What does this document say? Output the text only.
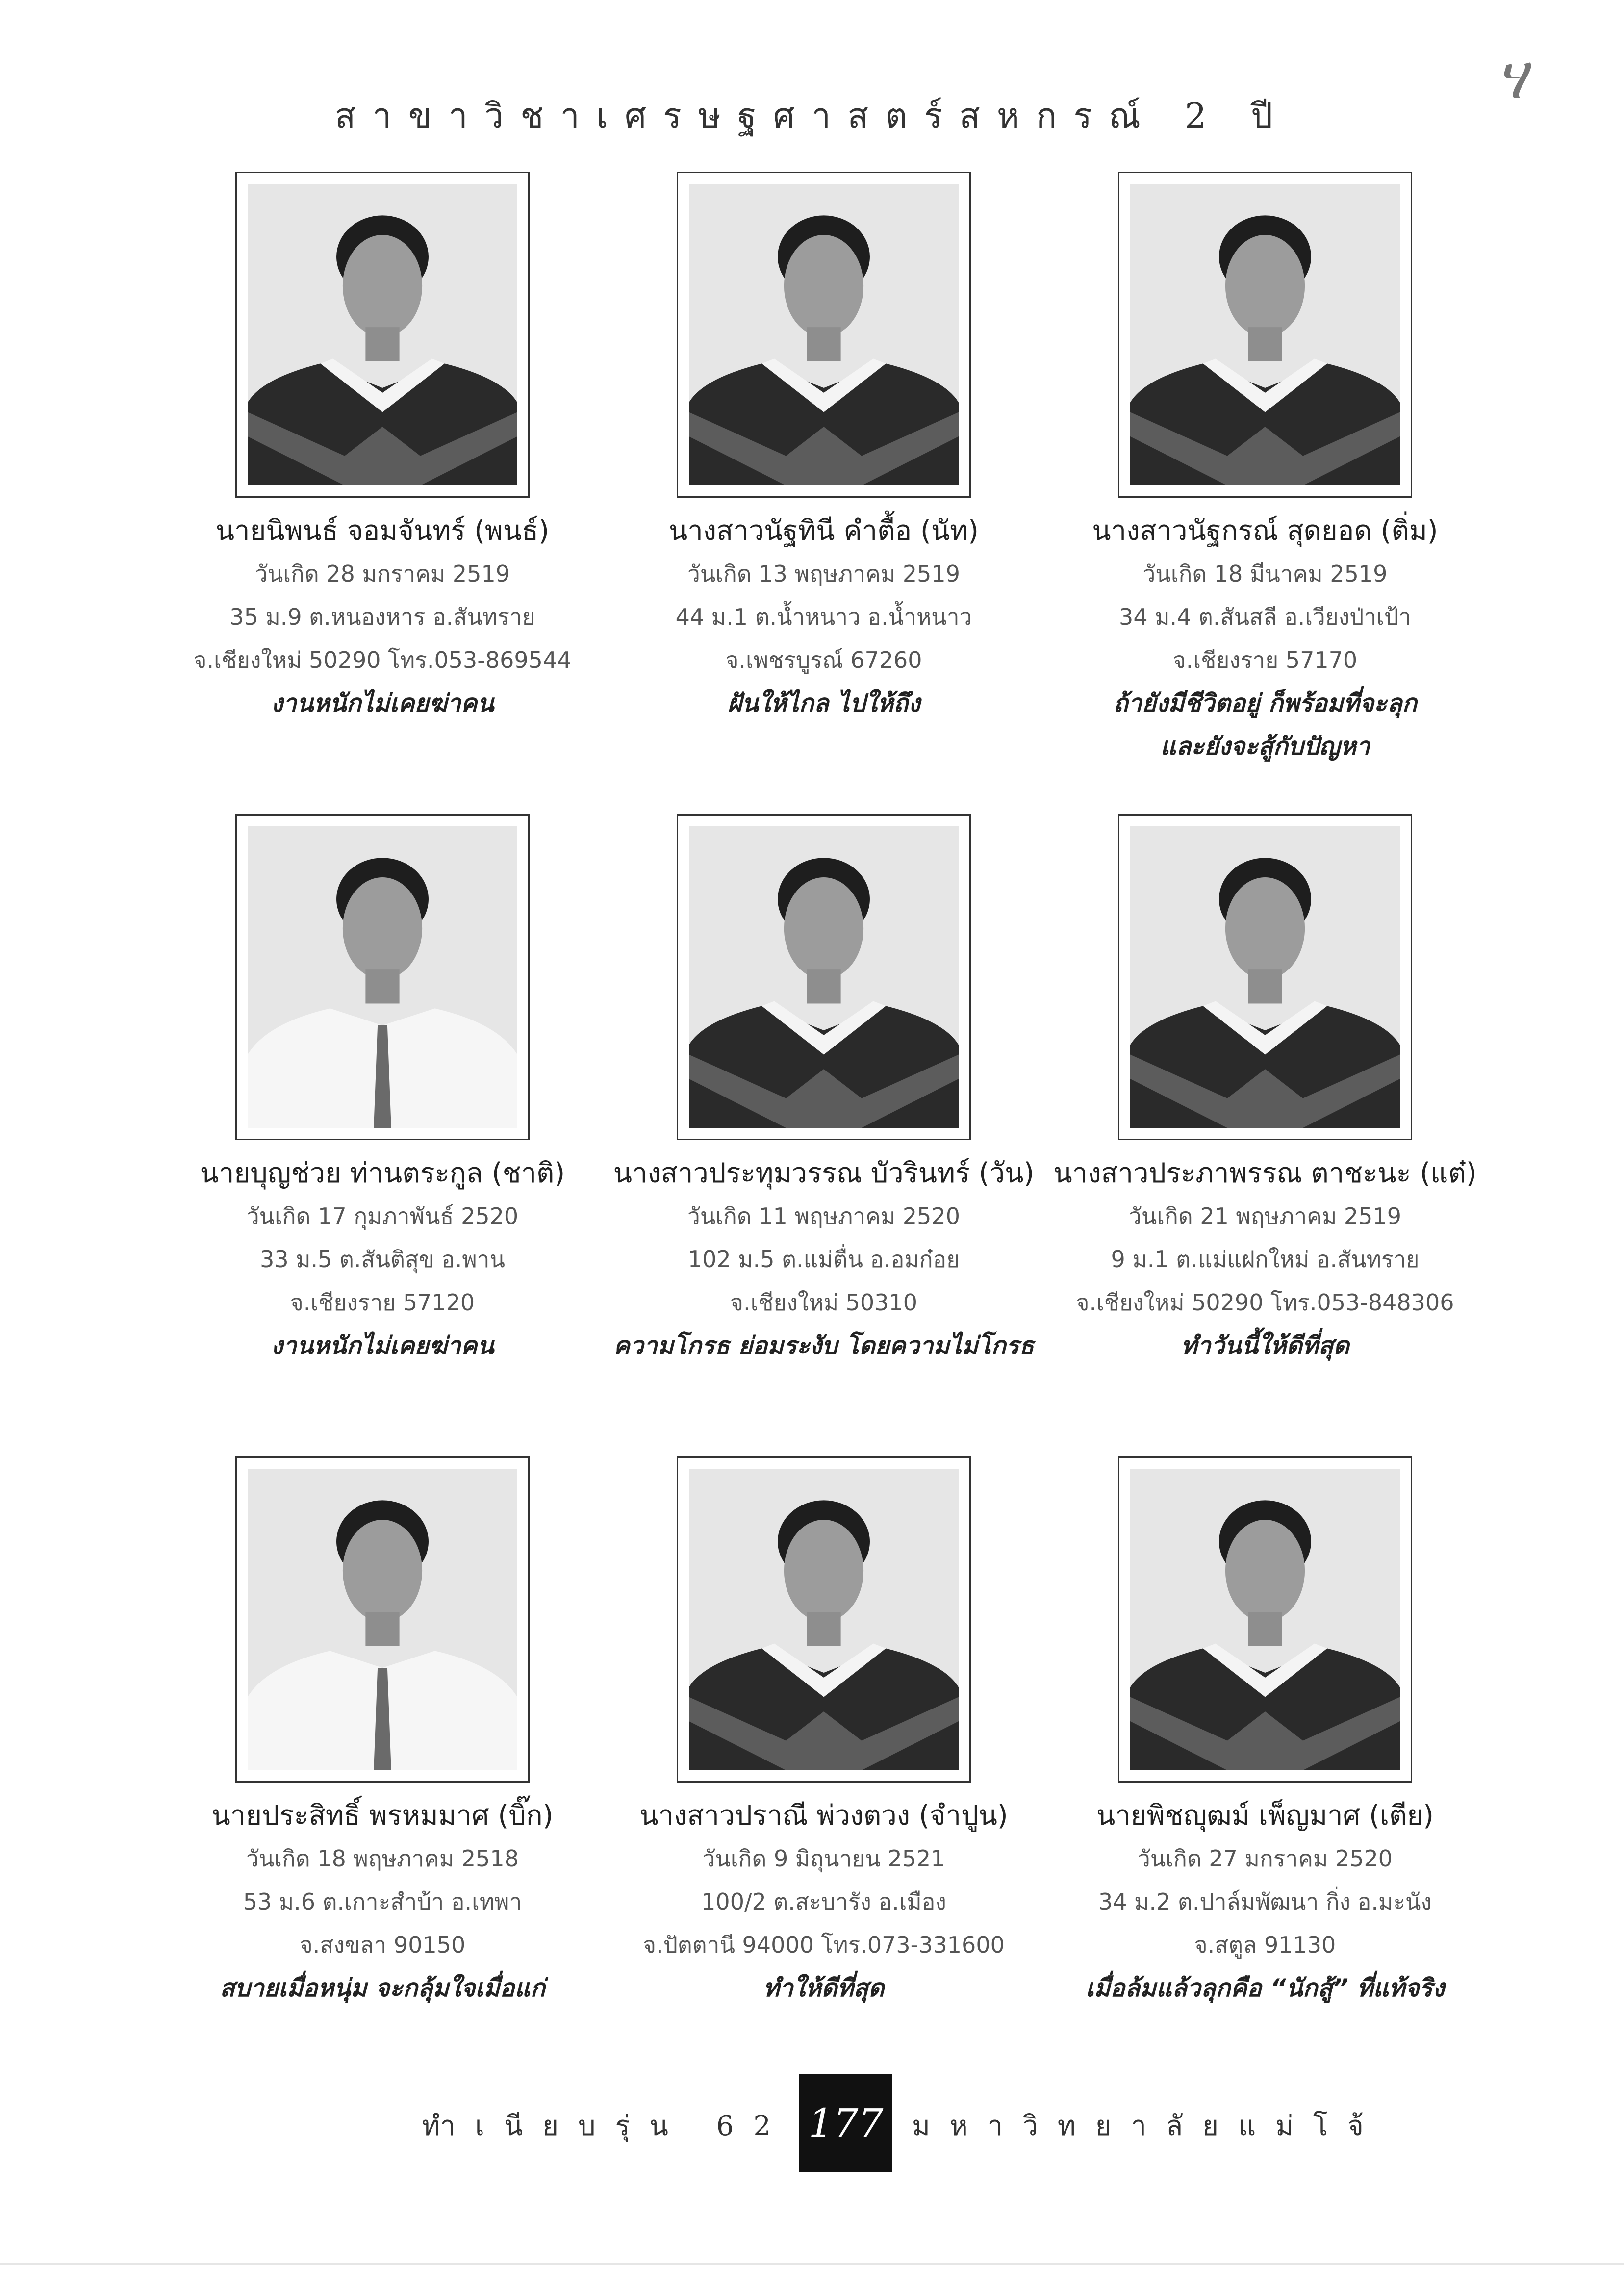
ሃ
สาขาวิชาเศรษฐศาสตร์สหกรณ์ 2 ปี
นายนิพนธ์ จอมจันทร์ (พนธ์)
วันเกิด 28 มกราคม 2519
35 ม.9 ต.หนองหาร อ.สันทราย
จ.เชียงใหม่ 50290 โทร.053-869544
งานหนักไม่เคยฆ่าคน
นางสาวนัฐทินี คำตื้อ (นัท)
วันเกิด 13 พฤษภาคม 2519
44 ม.1 ต.น้ำหนาว อ.น้ำหนาว
จ.เพชรบูรณ์ 67260
ฝันให้ไกล ไปให้ถึง
นางสาวนัฐกรณ์ สุดยอด (ติ่ม)
วันเกิด 18 มีนาคม 2519
34 ม.4 ต.สันสลี อ.เวียงป่าเป้า
จ.เชียงราย 57170
ถ้ายังมีชีวิตอยู่ ก็พร้อมที่จะลุก
และยังจะสู้กับปัญหา
นายบุญช่วย ท่านตระกูล (ชาติ)
วันเกิด 17 กุมภาพันธ์ 2520
33 ม.5 ต.สันติสุข อ.พาน
จ.เชียงราย 57120
งานหนักไม่เคยฆ่าคน
นางสาวประทุมวรรณ บัวรินทร์ (วัน)
วันเกิด 11 พฤษภาคม 2520
102 ม.5 ต.แม่ตื่น อ.อมก๋อย
จ.เชียงใหม่ 50310
ความโกรธ ย่อมระงับ โดยความไม่โกรธ
นางสาวประภาพรรณ ตาชะนะ (แต๋)
วันเกิด 21 พฤษภาคม 2519
9 ม.1 ต.แม่แฝกใหม่ อ.สันทราย
จ.เชียงใหม่ 50290 โทร.053-848306
ทำวันนี้ให้ดีที่สุด
นายประสิทธิ์ พรหมมาศ (บิ๊ก)
วันเกิด 18 พฤษภาคม 2518
53 ม.6 ต.เกาะสำบ้า อ.เทพา
จ.สงขลา 90150
สบายเมื่อหนุ่ม จะกลุ้มใจเมื่อแก่
นางสาวปราณี พ่วงตวง (จำปูน)
วันเกิด 9 มิถุนายน 2521
100/2 ต.สะบารัง อ.เมือง
จ.ปัตตานี 94000 โทร.073-331600
ทำให้ดีที่สุด
นายพิชญุฒม์ เพ็ญมาศ (เตีย)
วันเกิด 27 มกราคม 2520
34 ม.2 ต.ปาล์มพัฒนา กิ่ง อ.มะนัง
จ.สตูล 91130
เมื่อล้มแล้วลุกคือ “นักสู้” ที่แท้จริง
ทำเนียบรุ่น 62 177	มหาวิทยาลัยแม่โจ้
